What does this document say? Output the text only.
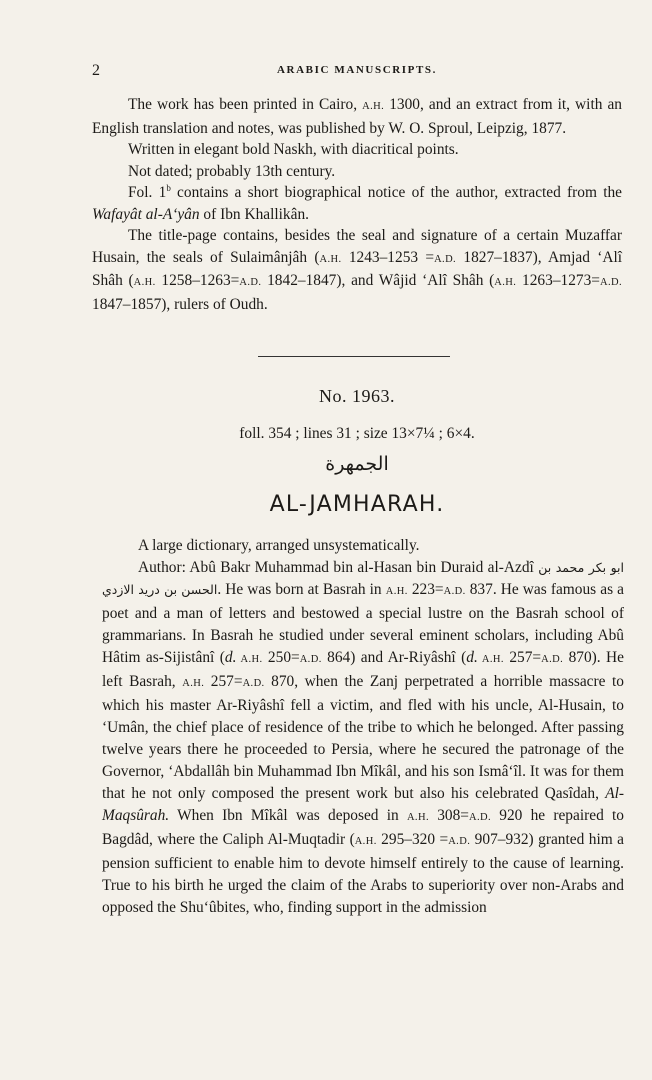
2	ARABIC MANUSCRIPTS.

The work has been printed in Cairo, A.H. 1300, and an extract from it, with an English translation and notes, was published by W. O. Sproul, Leipzig, 1877.

Written in elegant bold Naskh, with diacritical points.

Not dated; probably 13th century.

Fol. 1$^b$ contains a short biographical notice of the author, extracted from the Wafayât al-A‘yân of Ibn Khallikân.

The title-page contains, besides the seal and signature of a certain Muzaffar Husain, the seals of Sulaimânjâh (A.H. 1243–1253 =A.D. 1827–1837), Amjad ‘Alî Shâh (A.H. 1258–1263=A.D. 1842–1847), and Wâjid ‘Alî Shâh (A.H. 1263–1273=A.D. 1847–1857), rulers of Oudh.

No. 1963.
foll. 354 ; lines 31 ; size 13×7¼ ; 6×4.
الجمهرة
AL-JAMHARAH.

A large dictionary, arranged unsystematically.

Author: Abû Bakr Muhammad bin al-Hasan bin Duraid al-Azdî ابو بكر محمد بن الحسن بن دريد الازدي. He was born at Basrah in A.H. 223=A.D. 837. He was famous as a poet and a man of letters and bestowed a special lustre on the Basrah school of grammarians. In Basrah he studied under several eminent scholars, including Abû Hâtim as-Sijistânî (d. A.H. 250=A.D. 864) and Ar-Riyâshî (d. A.H. 257=A.D. 870). He left Basrah, A.H. 257=A.D. 870, when the Zanj perpetrated a horrible massacre to which his master Ar-Riyâshî fell a victim, and fled with his uncle, Al-Husain, to ‘Umân, the chief place of residence of the tribe to which he belonged. After passing twelve years there he proceeded to Persia, where he secured the patronage of the Governor, ‘Abdallâh bin Muhammad Ibn Mîkâl, and his son Ismâ‘îl. It was for them that he not only composed the present work but also his celebrated Qasîdah, Al-Maqsûrah. When Ibn Mîkâl was deposed in A.H. 308=A.D. 920 he repaired to Bagdâd, where the Caliph Al-Muqtadir (A.H. 295–320 =A.D. 907–932) granted him a pension sufficient to enable him to devote himself entirely to the cause of learning. True to his birth he urged the claim of the Arabs to superiority over non-Arabs and opposed the Shu‘ûbites, who, finding support in the admission
